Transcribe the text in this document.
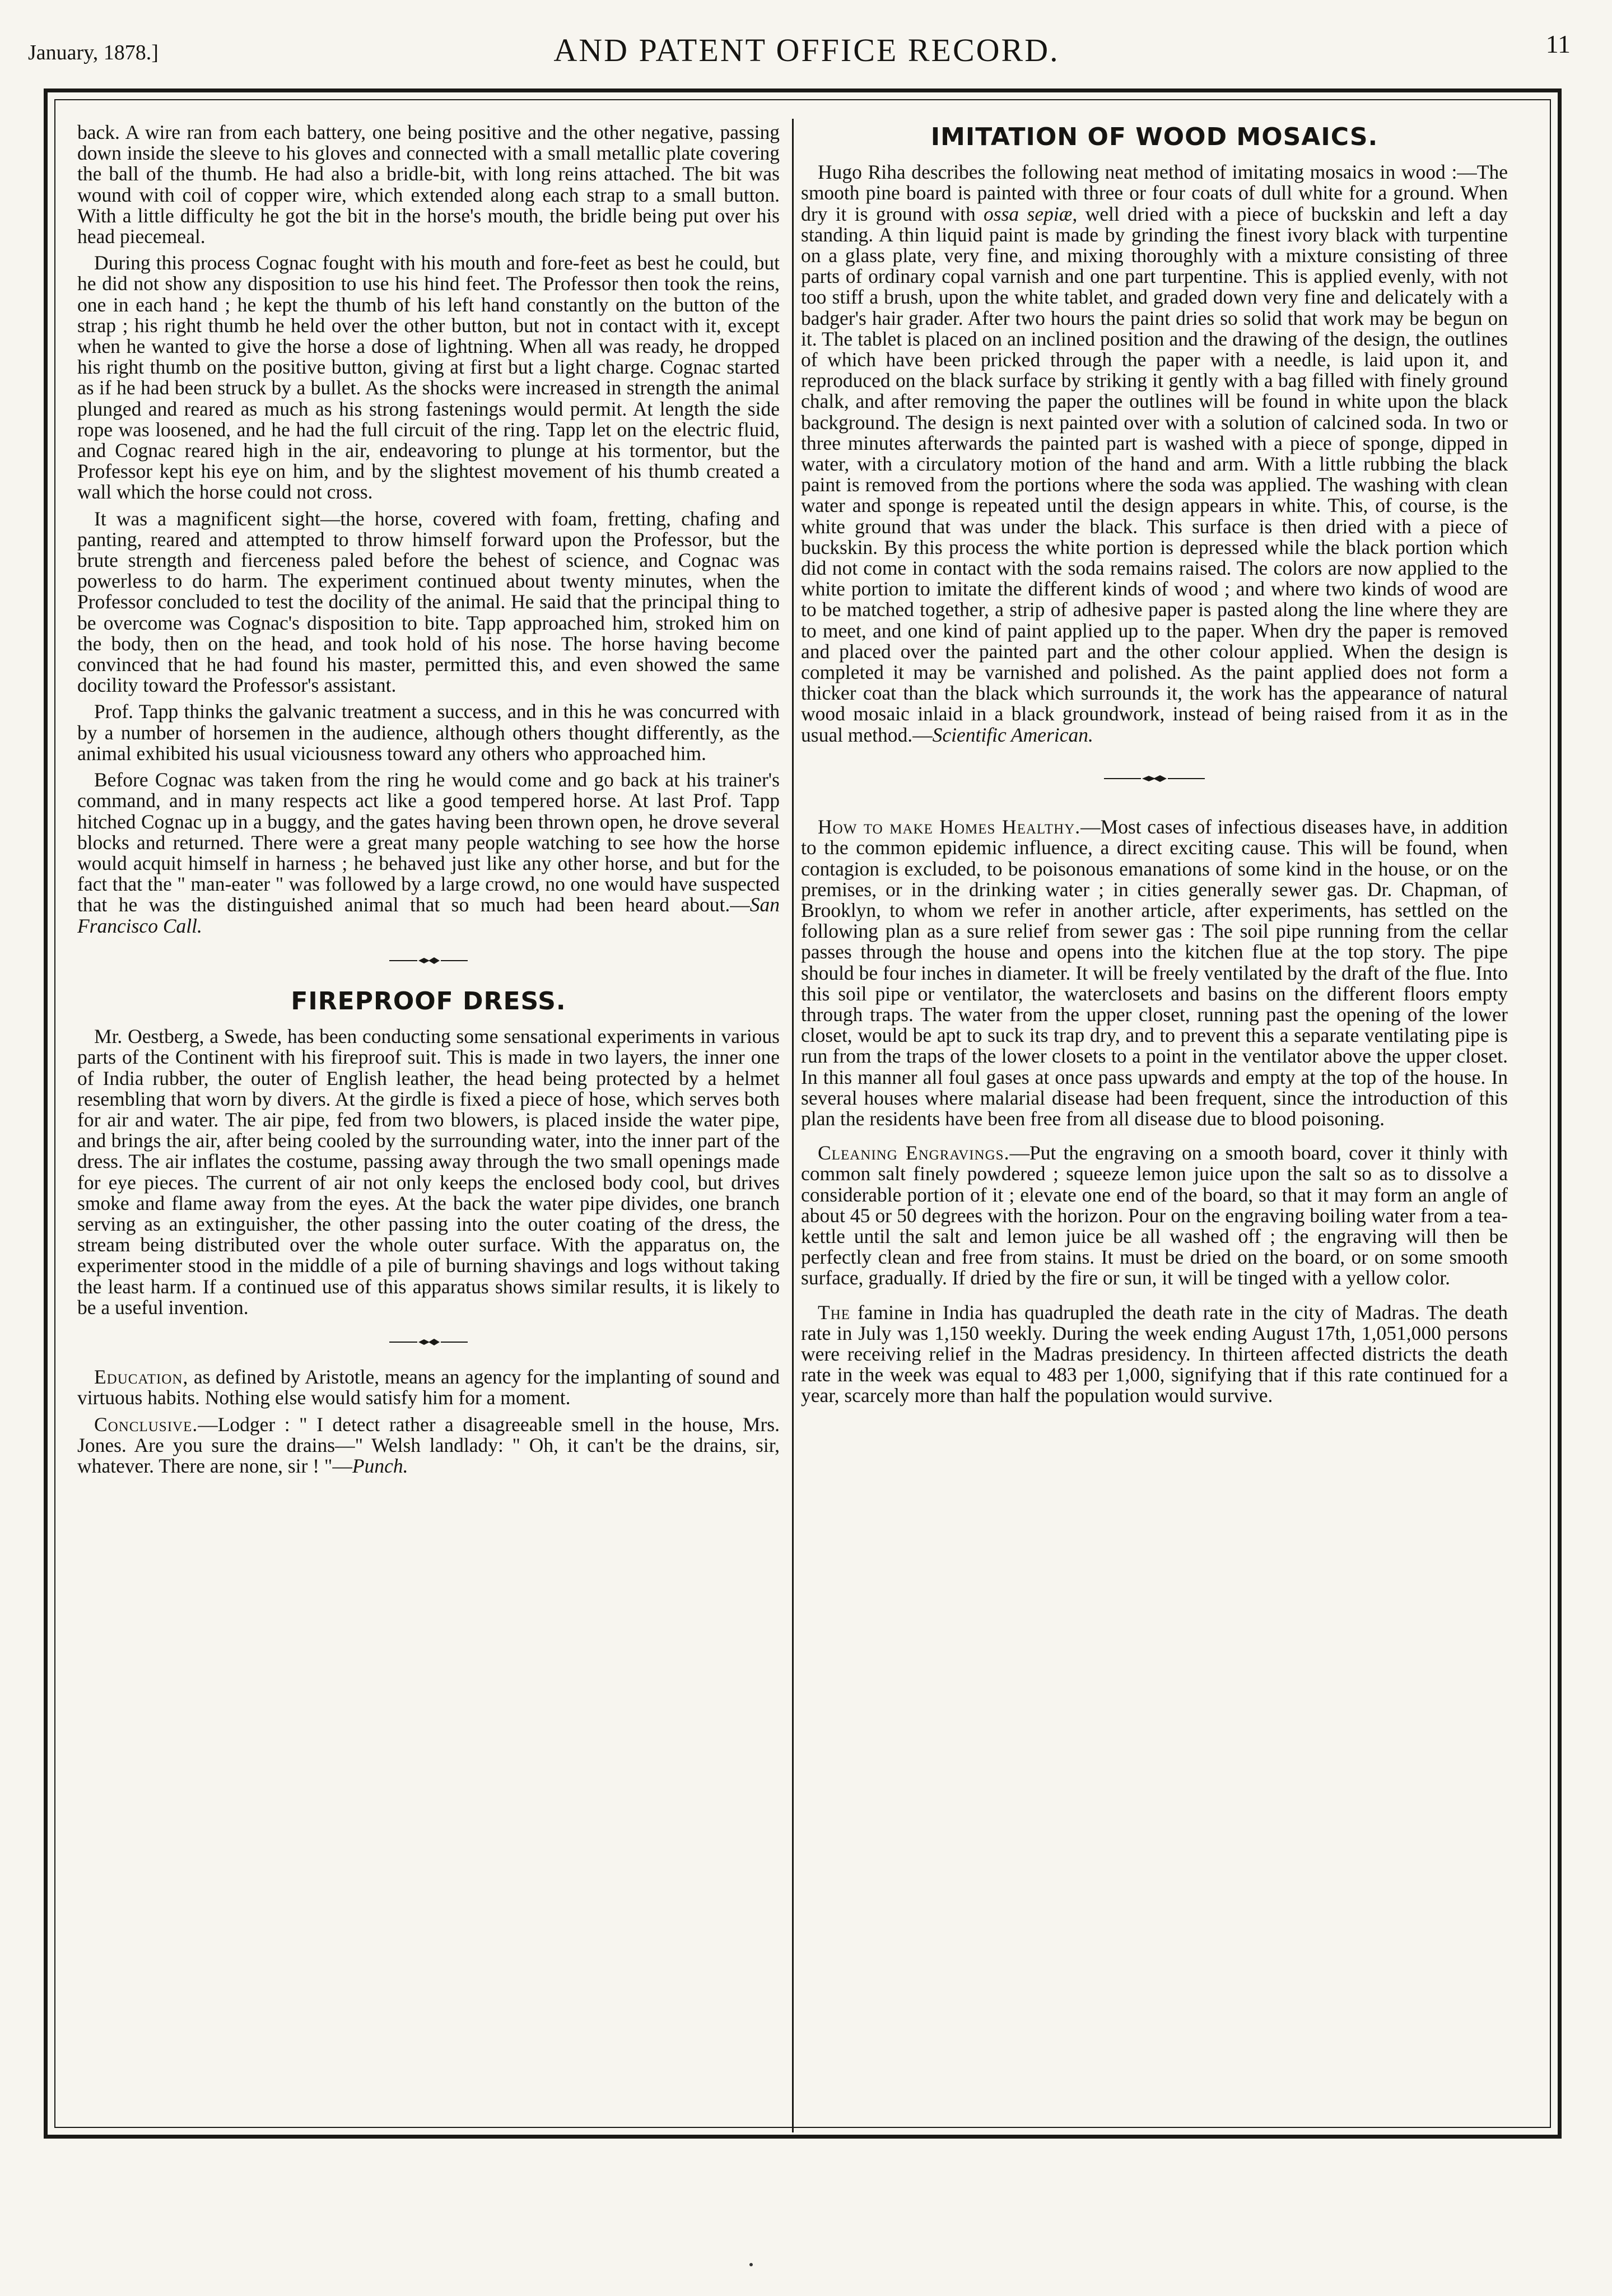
January, 1878.]	AND PATENT OFFICE RECORD.	11

back. A wire ran from each battery, one being positive and the other negative, passing down inside the sleeve to his gloves and connected with a small metallic plate covering the ball of the thumb. He had also a bridle-bit, with long reins attached. The bit was wound with coil of copper wire, which extended along each strap to a small button. With a little difficulty he got the bit in the horse's mouth, the bridle being put over his head piecemeal.

During this process Cognac fought with his mouth and fore-feet as best he could, but he did not show any disposition to use his hind feet. The Professor then took the reins, one in each hand ; he kept the thumb of his left hand constantly on the button of the strap ; his right thumb he held over the other button, but not in contact with it, except when he wanted to give the horse a dose of lightning. When all was ready, he dropped his right thumb on the positive button, giving at first but a light charge. Cognac started as if he had been struck by a bullet. As the shocks were increased in strength the animal plunged and reared as much as his strong fastenings would permit. At length the side rope was loosened, and he had the full circuit of the ring. Tapp let on the electric fluid, and Cognac reared high in the air, endeavoring to plunge at his tormentor, but the Professor kept his eye on him, and by the slightest movement of his thumb created a wall which the horse could not cross.

It was a magnificent sight—the horse, covered with foam, fretting, chafing and panting, reared and attempted to throw himself forward upon the Professor, but the brute strength and fierceness paled before the behest of science, and Cognac was powerless to do harm. The experiment continued about twenty minutes, when the Professor concluded to test the docility of the animal. He said that the principal thing to be overcome was Cognac's disposition to bite. Tapp approached him, stroked him on the body, then on the head, and took hold of his nose. The horse having become convinced that he had found his master, permitted this, and even showed the same docility toward the Professor's assistant.

Prof. Tapp thinks the galvanic treatment a success, and in this he was concurred with by a number of horsemen in the audience, although others thought differently, as the animal exhibited his usual viciousness toward any others who approached him.

Before Cognac was taken from the ring he would come and go back at his trainer's command, and in many respects act like a good tempered horse. At last Prof. Tapp hitched Cognac up in a buggy, and the gates having been thrown open, he drove several blocks and returned. There were a great many people watching to see how the horse would acquit himself in harness ; he behaved just like any other horse, and but for the fact that the " man-eater " was followed by a large crowd, no one would have suspected that he was the distinguished animal that so much had been heard about.—San Francisco Call.

FIREPROOF DRESS.

Mr. Oestberg, a Swede, has been conducting some sensational experiments in various parts of the Continent with his fireproof suit. This is made in two layers, the inner one of India rubber, the outer of English leather, the head being protected by a helmet resembling that worn by divers. At the girdle is fixed a piece of hose, which serves both for air and water. The air pipe, fed from two blowers, is placed inside the water pipe, and brings the air, after being cooled by the surrounding water, into the inner part of the dress. The air inflates the costume, passing away through the two small openings made for eye pieces. The current of air not only keeps the enclosed body cool, but drives smoke and flame away from the eyes. At the back the water pipe divides, one branch serving as an extinguisher, the other passing into the outer coating of the dress, the stream being distributed over the whole outer surface. With the apparatus on, the experimenter stood in the middle of a pile of burning shavings and logs without taking the least harm. If a continued use of this apparatus shows similar results, it is likely to be a useful invention.

Education, as defined by Aristotle, means an agency for the implanting of sound and virtuous habits. Nothing else would satisfy him for a moment.

Conclusive.—Lodger : " I detect rather a disagreeable smell in the house, Mrs. Jones. Are you sure the drains—" Welsh landlady: " Oh, it can't be the drains, sir, whatever. There are none, sir ! "—Punch.

IMITATION OF WOOD MOSAICS.

Hugo Riha describes the following neat method of imitating mosaics in wood :—The smooth pine board is painted with three or four coats of dull white for a ground. When dry it is ground with ossa sepiæ, well dried with a piece of buckskin and left a day standing. A thin liquid paint is made by grinding the finest ivory black with turpentine on a glass plate, very fine, and mixing thoroughly with a mixture consisting of three parts of ordinary copal varnish and one part turpentine. This is applied evenly, with not too stiff a brush, upon the white tablet, and graded down very fine and delicately with a badger's hair grader. After two hours the paint dries so solid that work may be begun on it. The tablet is placed on an inclined position and the drawing of the design, the outlines of which have been pricked through the paper with a needle, is laid upon it, and reproduced on the black surface by striking it gently with a bag filled with finely ground chalk, and after removing the paper the outlines will be found in white upon the black background. The design is next painted over with a solution of calcined soda. In two or three minutes afterwards the painted part is washed with a piece of sponge, dipped in water, with a circulatory motion of the hand and arm. With a little rubbing the black paint is removed from the portions where the soda was applied. The washing with clean water and sponge is repeated until the design appears in white. This, of course, is the white ground that was under the black. This surface is then dried with a piece of buckskin. By this process the white portion is depressed while the black portion which did not come in contact with the soda remains raised. The colors are now applied to the white portion to imitate the different kinds of wood ; and where two kinds of wood are to be matched together, a strip of adhesive paper is pasted along the line where they are to meet, and one kind of paint applied up to the paper. When dry the paper is removed and placed over the painted part and the other colour applied. When the design is completed it may be varnished and polished. As the paint applied does not form a thicker coat than the black which surrounds it, the work has the appearance of natural wood mosaic inlaid in a black groundwork, instead of being raised from it as in the usual method.—Scientific American.

How to make Homes Healthy.—Most cases of infectious diseases have, in addition to the common epidemic influence, a direct exciting cause. This will be found, when contagion is excluded, to be poisonous emanations of some kind in the house, or on the premises, or in the drinking water ; in cities generally sewer gas. Dr. Chapman, of Brooklyn, to whom we refer in another article, after experiments, has settled on the following plan as a sure relief from sewer gas : The soil pipe running from the cellar passes through the house and opens into the kitchen flue at the top story. The pipe should be four inches in diameter. It will be freely ventilated by the draft of the flue. Into this soil pipe or ventilator, the waterclosets and basins on the different floors empty through traps. The water from the upper closet, running past the opening of the lower closet, would be apt to suck its trap dry, and to prevent this a separate ventilating pipe is run from the traps of the lower closets to a point in the ventilator above the upper closet. In this manner all foul gases at once pass upwards and empty at the top of the house. In several houses where malarial disease had been frequent, since the introduction of this plan the residents have been free from all disease due to blood poisoning.

Cleaning Engravings.—Put the engraving on a smooth board, cover it thinly with common salt finely powdered ; squeeze lemon juice upon the salt so as to dissolve a considerable portion of it ; elevate one end of the board, so that it may form an angle of about 45 or 50 degrees with the horizon. Pour on the engraving boiling water from a tea-kettle until the salt and lemon juice be all washed off ; the engraving will then be perfectly clean and free from stains. It must be dried on the board, or on some smooth surface, gradually. If dried by the fire or sun, it will be tinged with a yellow color.

The famine in India has quadrupled the death rate in the city of Madras. The death rate in July was 1,150 weekly. During the week ending August 17th, 1,051,000 persons were receiving relief in the Madras presidency. In thirteen affected districts the death rate in the week was equal to 483 per 1,000, signifying that if this rate continued for a year, scarcely more than half the population would survive.
